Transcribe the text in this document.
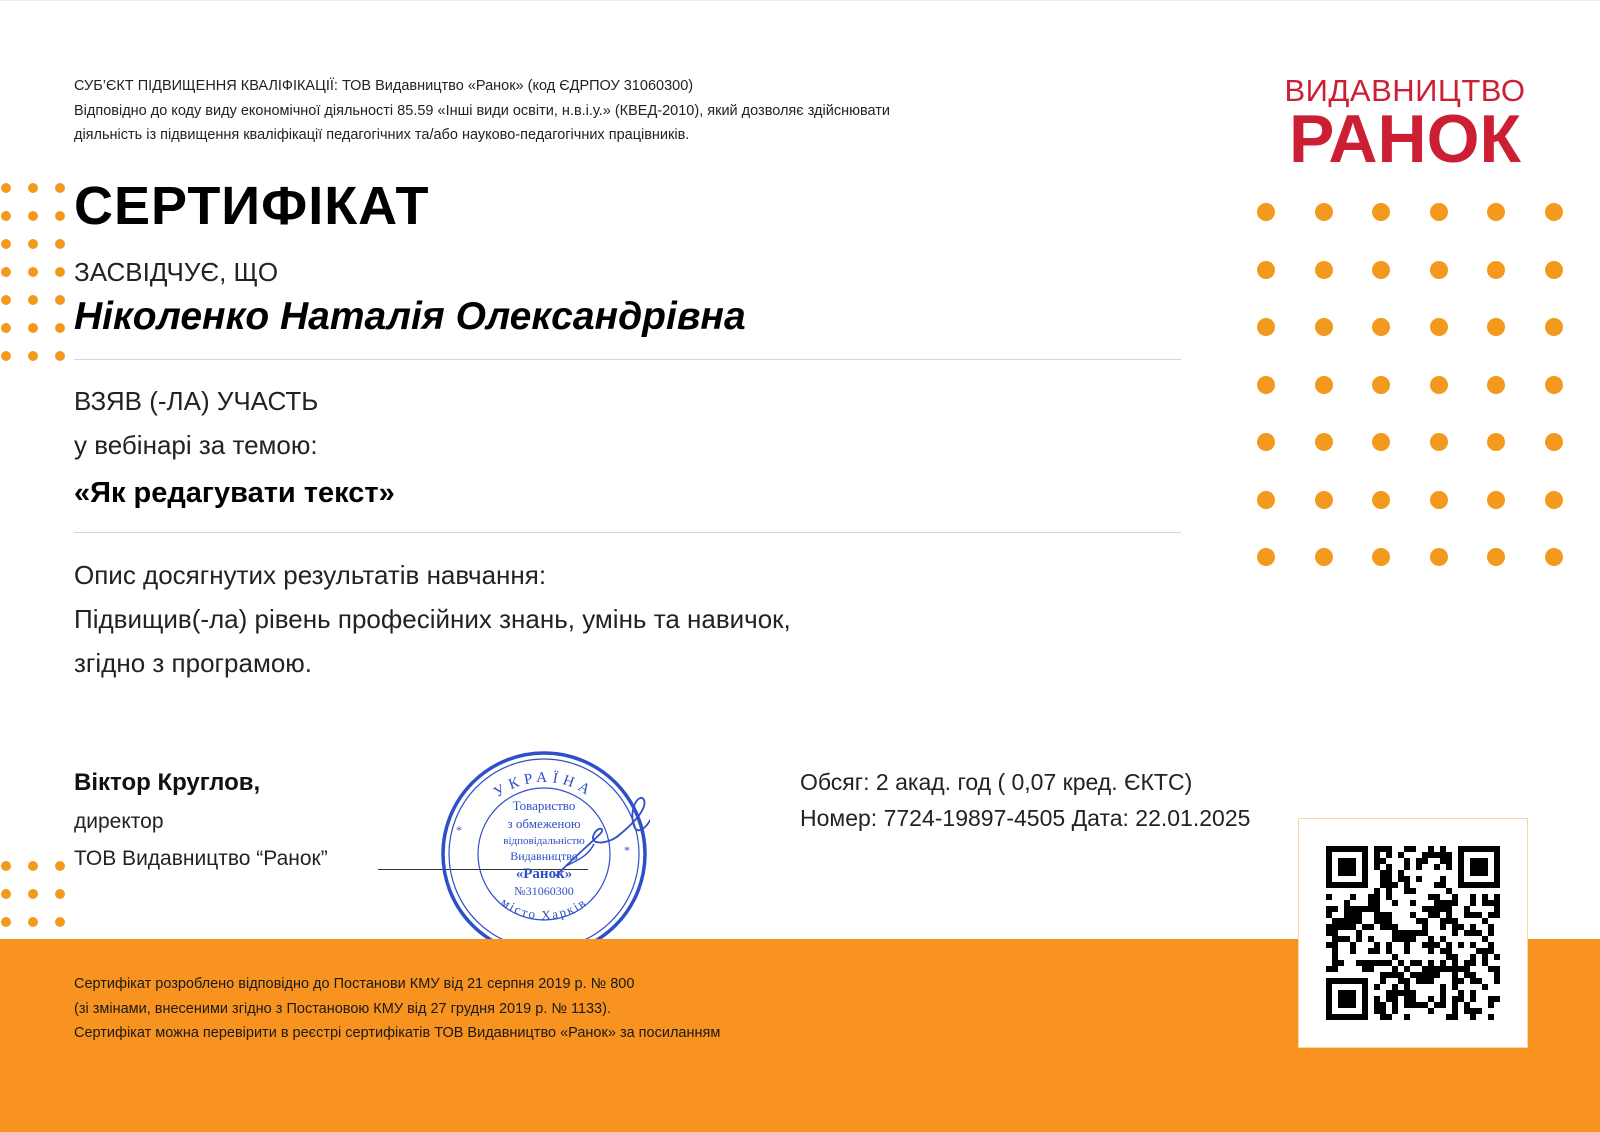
СУБ’ЄКТ ПІДВИЩЕННЯ КВАЛІФІКАЦІЇ: ТОВ Видавництво «Ранок» (код ЄДРПОУ 31060300)
Відповідно до коду виду економічної діяльності 85.59 «Інші види освіти, н.в.і.у.» (КВЕД-2010), який дозволяє здійснювати
діяльність із підвищення кваліфікації педагогічних та/або науково-педагогічних працівників.
ВИДАВНИЦТВО
РАНОК
СЕРТИФІКАТ
ЗАСВІДЧУЄ, ЩО
Ніколенко Наталія Олександрівна
ВЗЯВ (-ЛА) УЧАСТЬ
у вебінарі за темою:
«Як редагувати текст»
Опис досягнутих результатів навчання:
Підвищив(-ла) рівень професійних знань, умінь та навичок,
згідно з програмою.
Віктор Круглов,
директор
ТОВ Видавництво “Ранок”
УКРАЇНА
місто Харків
*
*
Товариство
з обмеженою
відповідальністю
Видавництво
«Ранок»
№31060300
Обсяг: 2 акад. год ( 0,07 кред. ЄКТС)
Номер: 7724-19897-4505 Дата: 22.01.2025
Сертифікат розроблено відповідно до Постанови КМУ від 21 серпня 2019 р. № 800
(зі змінами, внесеними згідно з Постановою КМУ від 27 грудня 2019 р. № 1133).
Сертифікат можна перевірити в реєстрі сертифікатів ТОВ Видавництво «Ранок» за посиланням
